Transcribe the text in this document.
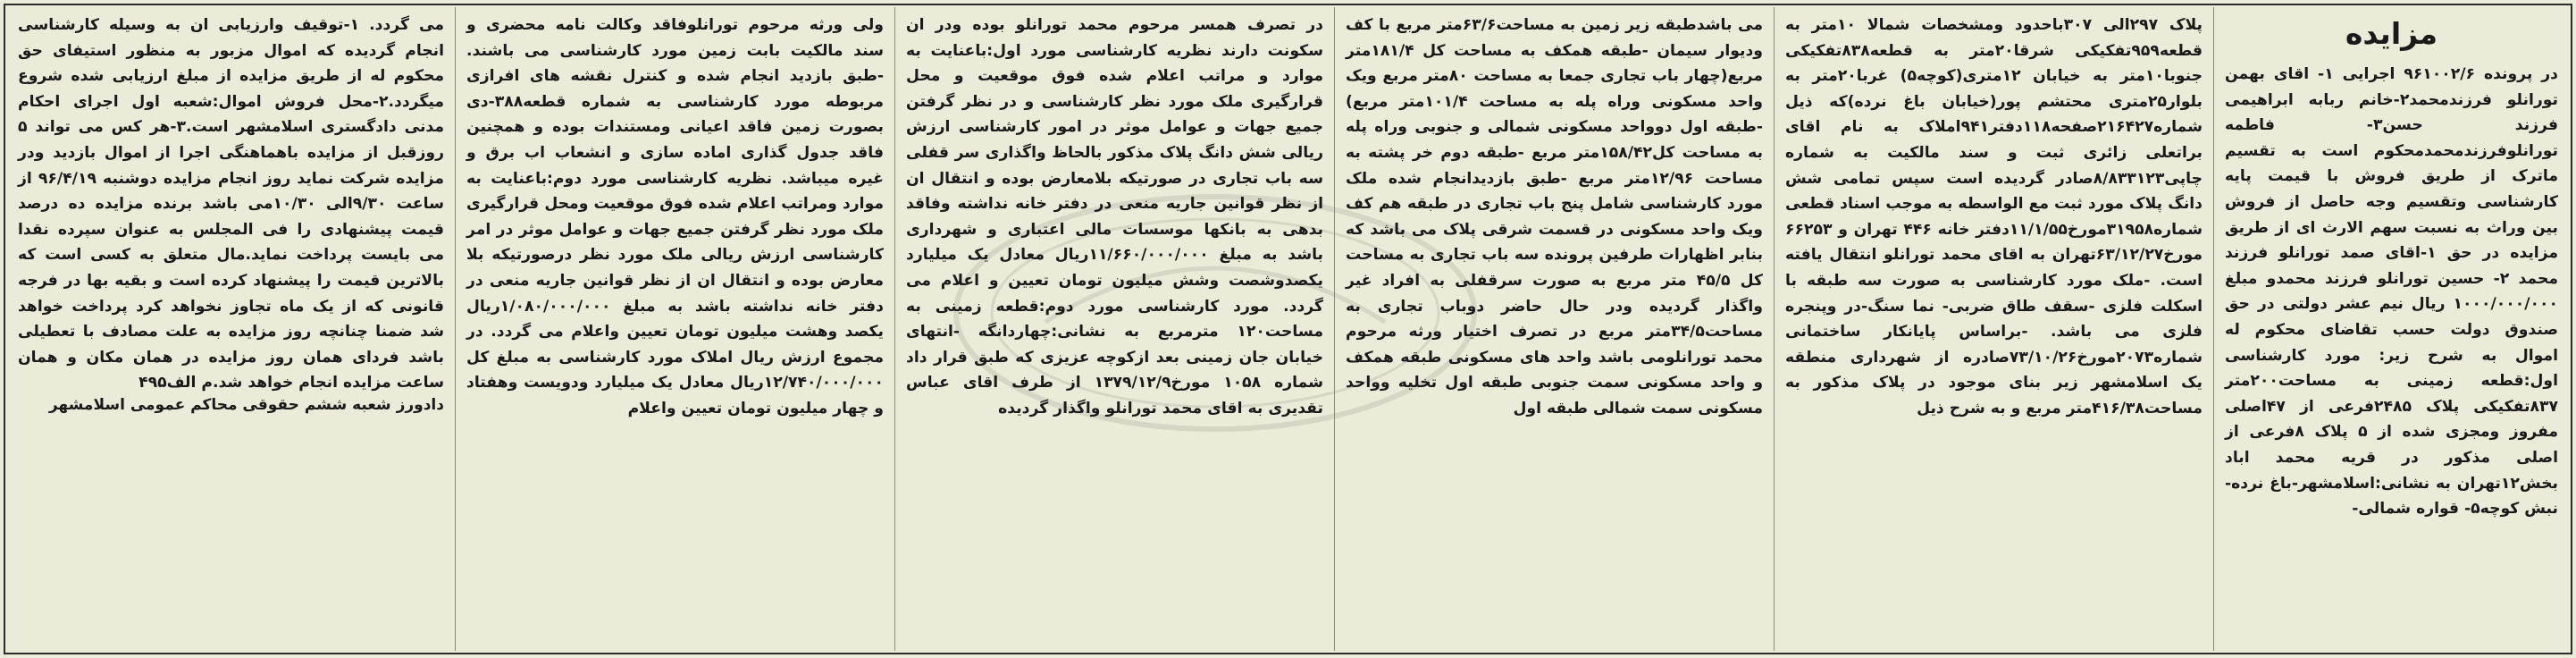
مزایده

در پرونده ۹۶۱۰۰۲/۶ اجرایی ۱- اقای بهمن تورانلو فرزندمحمد۲-خانم ربابه ابراهیمی فرزند حسن۳- فاطمه تورانلوفرزندمحمدمحکوم است به تقسیم ماترک از طریق فروش با قیمت پایه کارشناسی وتقسیم وجه حاصل از فروش بین وراث به نسبت سهم الارث ای از طریق مزایده در حق ۱-اقای صمد تورانلو فرزند محمد ۲- حسین تورانلو فرزند محمدو مبلغ ۱۰۰۰/۰۰۰/۰۰۰ ریال نیم عشر دولتی در حق صندوق دولت حسب تقاضای محکوم له اموال به شرح زیر: مورد کارشناسی اول:قطعه زمینی به مساحت۲۰۰متر ۸۳۷تفکیکی پلاک ۲۴۸۵فرعی از ۴۷اصلی مفروز ومجزی شده از ۵ پلاک ۸فرعی از اصلی مذکور در قریه محمد اباد بخش۱۲تهران به نشانی:اسلامشهر-باغ نرده-نبش کوچه۵- قواره شمالی-

پلاک ۲۹۷الی ۳۰۷باحدود ومشخصات شمالا ۱۰متر به قطعه۹۵۹تفکیکی شرقا۲۰متر به قطعه۸۳۸تفکیکی جنوبا۱۰متر به خیابان ۱۲متری(کوچه۵) غربا۲۰متر به بلوار۲۵متری محتشم پور(خیابان باغ نرده)که ذیل شماره۲۱۶۴۲۷صفحه۱۱۸دفتر۹۴۱املاک به نام اقای براتعلی زائری ثبت و سند مالکیت به شماره چاپی۸/۸۳۳۱۲۳صادر گردیده است سپس تمامی شش دانگ پلاک مورد ثبت مع الواسطه به موجب اسناد قطعی شماره۳۱۹۵۸مورخ۱۱/۱/۵۵دفتر خانه ۴۴۶ تهران و ۶۶۲۵۳ مورخ۶۳/۱۲/۲۷تهران به اقای محمد تورانلو انتقال یافته است. -ملک مورد کارشناسی به صورت سه طبقه با اسکلت فلزی -سقف طاق ضربی- نما سنگ-در وپنجره فلزی می باشد. -براساس پایانکار ساختمانی شماره۲۰۷۳مورخ۷۳/۱۰/۲۶صادره از شهرداری منطقه یک اسلامشهر زیر بنای موجود در پلاک مذکور به مساحت۴۱۶/۳۸متر مربع و به شرح ذیل

می باشدطبقه زیر زمین به مساحت۶۳/۶متر مربع با کف ودیوار سیمان -طبقه همکف به مساحت کل ۱۸۱/۴متر مربع(چهار باب تجاری جمعا به مساحت ۸۰متر مربع ویک واحد مسکونی وراه پله به مساحت ۱۰۱/۴متر مربع) -طبقه اول دوواحد مسکونی شمالی و جنوبی وراه پله به مساحت کل۱۵۸/۴۲متر مربع -طبقه دوم خر پشته به مساحت ۱۲/۹۶متر مربع -طبق بازدیدانجام شده ملک مورد کارشناسی شامل پنج باب تجاری در طبقه هم کف ویک واحد مسکونی در قسمت شرقی پلاک می باشد که بنابر اظهارات طرفین پرونده سه باب تجاری به مساحت کل ۴۵/۵ متر مربع به صورت سرقفلی به افراد غیر واگذار گردیده ودر حال حاضر دوباب تجاری به مساحت۳۴/۵متر مربع در تصرف اختیار ورثه مرحوم محمد تورانلومی باشد واحد های مسکونی طبقه همکف و واحد مسکونی سمت جنوبی طبقه اول تخلیه وواحد مسکونی سمت شمالی طبقه اول

در تصرف همسر مرحوم محمد تورانلو بوده ودر ان سکونت دارند نظریه کارشناسی مورد اول:باعنایت به موارد و مراتب اعلام شده فوق موقعیت و محل قرارگیری ملک مورد نظر کارشناسی و در نظر گرفتن جمیع جهات و عوامل موثر در امور کارشناسی ارزش ریالی شش دانگ پلاک مذکور بالحاظ واگذاری سر قفلی سه باب تجاری در صورتیکه بلامعارض بوده و انتقال ان از نظر قوانین جاریه منعی در دفتر خانه نداشته وفاقد بدهی به بانکها موسسات مالی اعتباری و شهرداری باشد به مبلغ ۱۱/۶۶۰/۰۰۰/۰۰۰ریال معادل یک میلیارد یکصدوشصت وشش میلیون تومان تعیین و اعلام می گردد. مورد کارشناسی مورد دوم:قطعه زمینی به مساحت۱۲۰ مترمربع به نشانی:چهاردانگه -انتهای خیابان جان زمینی بعد ازکوچه عزیزی که طبق قرار داد شماره ۱۰۵۸ مورخ۱۳۷۹/۱۲/۹ از طرف اقای عباس تقدیری به اقای محمد تورانلو واگذار گردیده

ولی ورثه مرحوم تورانلوفاقد وکالت نامه محضری و سند مالکیت بابت زمین مورد کارشناسی می باشند. -طبق بازدید انجام شده و کنترل نقشه های افرازی مربوطه مورد کارشناسی به شماره قطعه۳۸۸-دی بصورت زمین فاقد اعیانی ومستندات بوده و همچنین فاقد جدول گذاری اماده سازی و انشعاب اب برق و غیره میباشد. نظریه کارشناسی مورد دوم:باعنایت به موارد ومراتب اعلام شده فوق موقعیت ومحل قرارگیری ملک مورد نظر گرفتن جمیع جهات و عوامل موثر در امر کارشناسی ارزش ریالی ملک مورد نظر درصورتیکه بلا معارض بوده و انتقال ان از نظر قوانین جاریه منعی در دفتر خانه نداشته باشد به مبلغ ۱/۰۸۰/۰۰۰/۰۰۰ریال یکصد وهشت میلیون تومان تعیین واعلام می گردد. در مجموع ارزش ریال املاک مورد کارشناسی به مبلغ کل ۱۲/۷۴۰/۰۰۰/۰۰۰ریال معادل یک میلیارد ودویست وهفتاد و چهار میلیون تومان تعیین واعلام

می گردد. ۱-توقیف وارزیابی ان به وسیله کارشناسی انجام گردیده که اموال مزبور به منظور استیفای حق محکوم له از طریق مزایده از مبلغ ارزیابی شده شروع میگردد.۲-محل فروش اموال:شعبه اول اجرای احکام مدنی دادگستری اسلامشهر است.۳-هر کس می تواند ۵ روزقبل از مزایده باهماهنگی اجرا از اموال بازدید ودر مزایده شرکت نماید روز انجام مزایده دوشنبه ۹۶/۴/۱۹ از ساعت ۹/۳۰الی ۱۰/۳۰می باشد برنده مزایده ده درصد قیمت پیشنهادی را فی المجلس به عنوان سپرده نقدا می بایست پرداخت نماید.مال متعلق به کسی است که بالاترین قیمت را پیشنهاد کرده است و بقیه بها در فرجه قانونی که از یک ماه تجاوز نخواهد کرد پرداخت خواهد شد ضمنا چنانچه روز مزایده به علت مصادف با تعطیلی باشد فردای همان روز مزایده در همان مکان و همان ساعت مزایده انجام خواهد شد.م الف۴۹۵

دادورز شعبه ششم حقوقی محاکم عمومی اسلامشهر
